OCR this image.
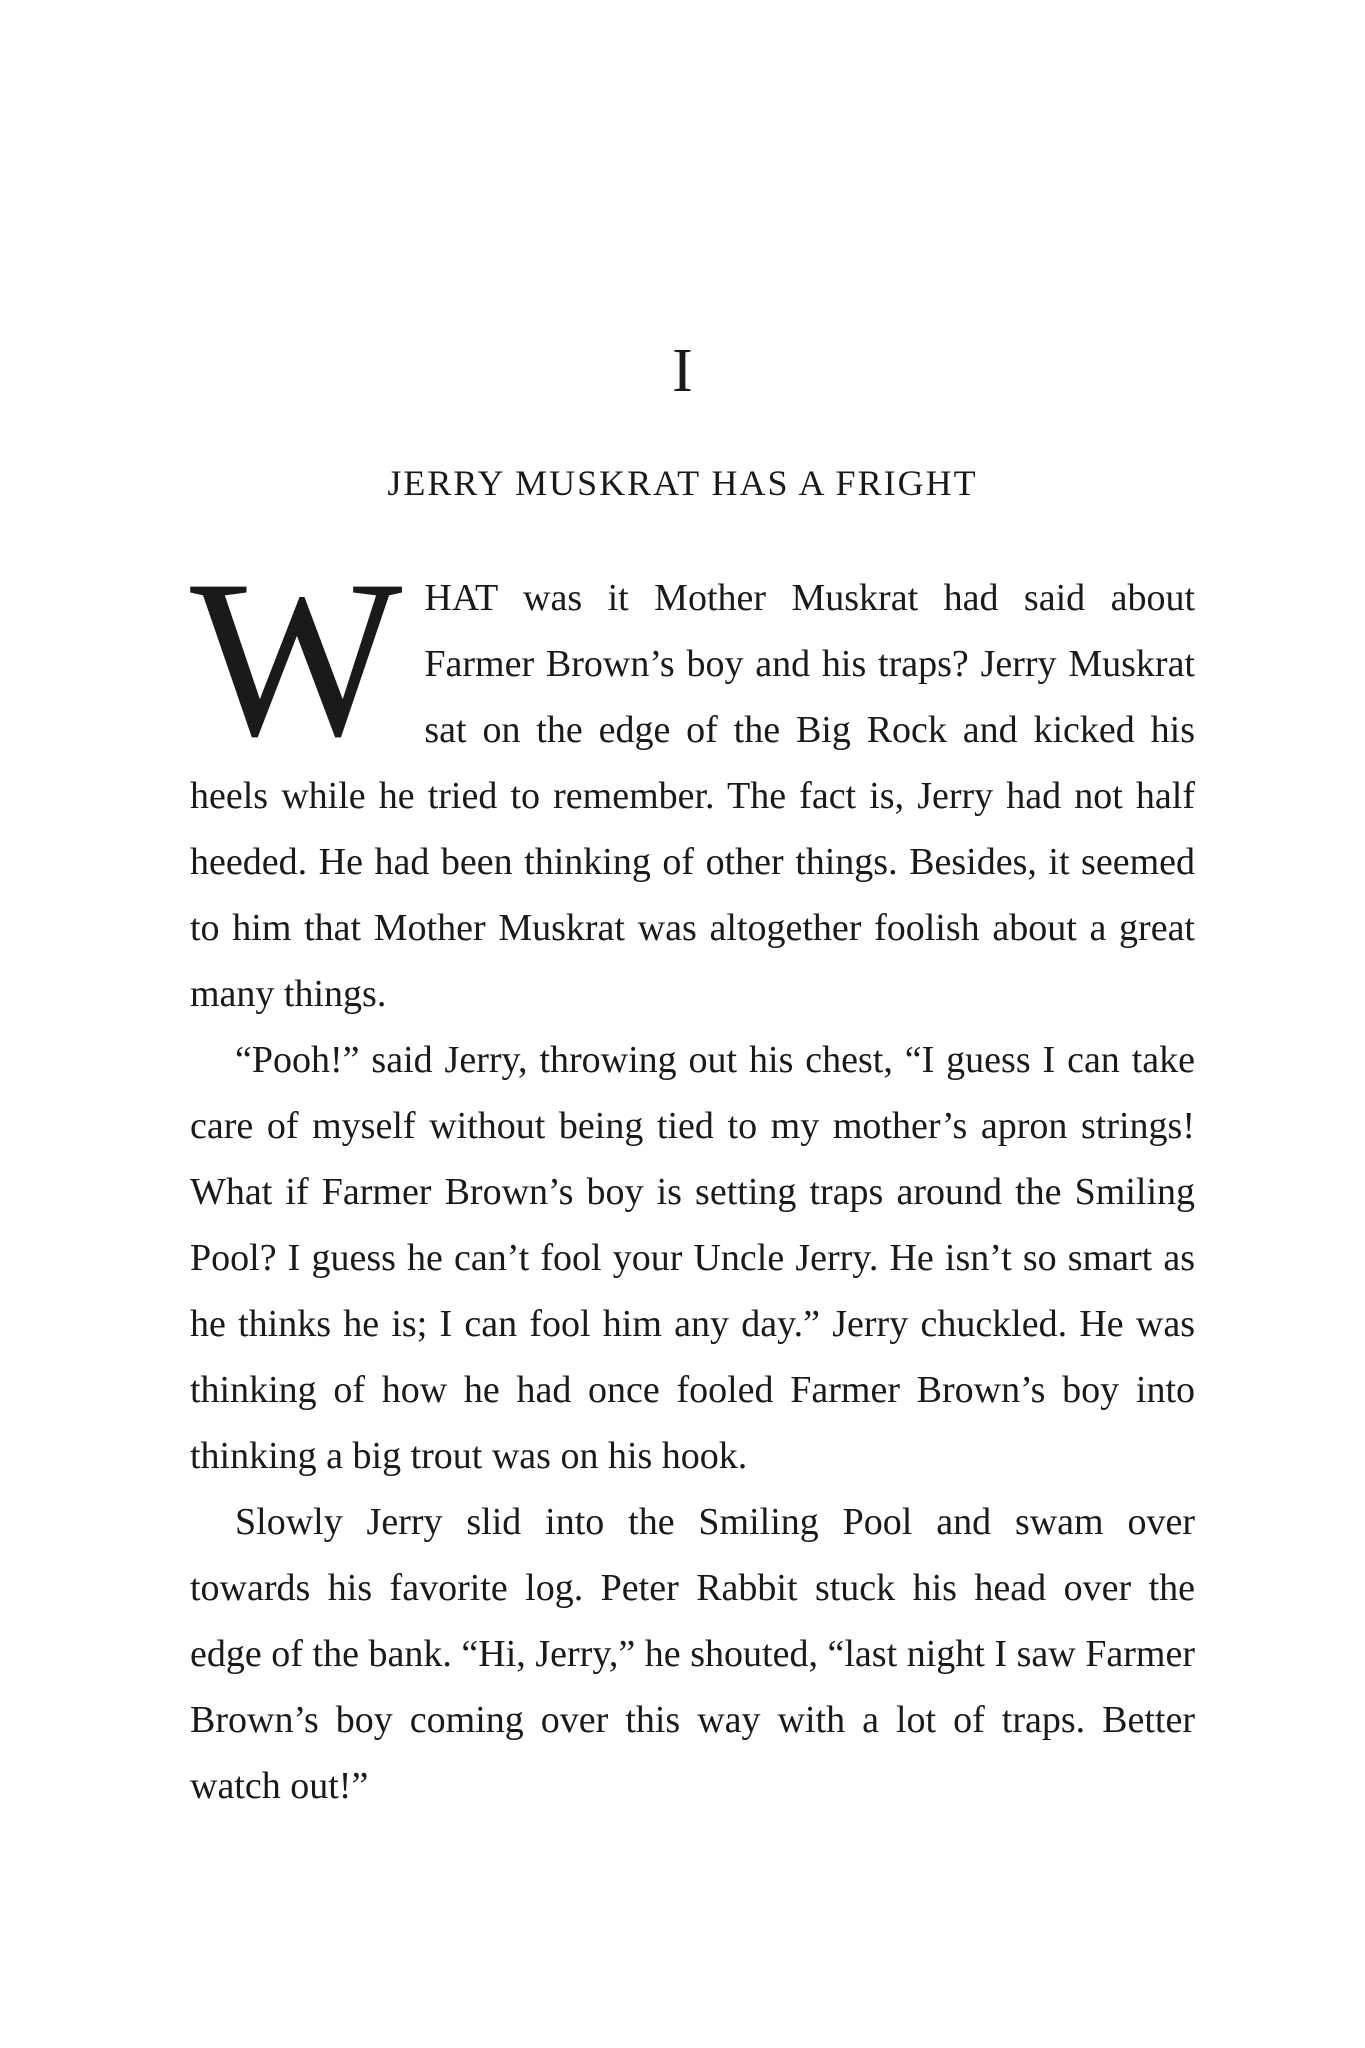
I
JERRY MUSKRAT HAS A FRIGHT

WHAT was it Mother Muskrat had said about Farmer Brown’s boy and his traps? Jerry Muskrat sat on the edge of the Big Rock and kicked his heels while he tried to remember. The fact is, Jerry had not half heeded. He had been thinking of other things. Besides, it seemed to him that Mother Muskrat was altogether foolish about a great many things.

“Pooh!” said Jerry, throwing out his chest, “I guess I can take care of myself without being tied to my mother’s apron strings! What if Farmer Brown’s boy is setting traps around the Smiling Pool? I guess he can’t fool your Uncle Jerry. He isn’t so smart as he thinks he is; I can fool him any day.” Jerry chuckled. He was thinking of how he had once fooled Farmer Brown’s boy into thinking a big trout was on his hook.

Slowly Jerry slid into the Smiling Pool and swam over towards his favorite log. Peter Rabbit stuck his head over the edge of the bank. “Hi, Jerry,” he shouted, “last night I saw Farmer Brown’s boy coming over this way with a lot of traps. Better watch out!”
